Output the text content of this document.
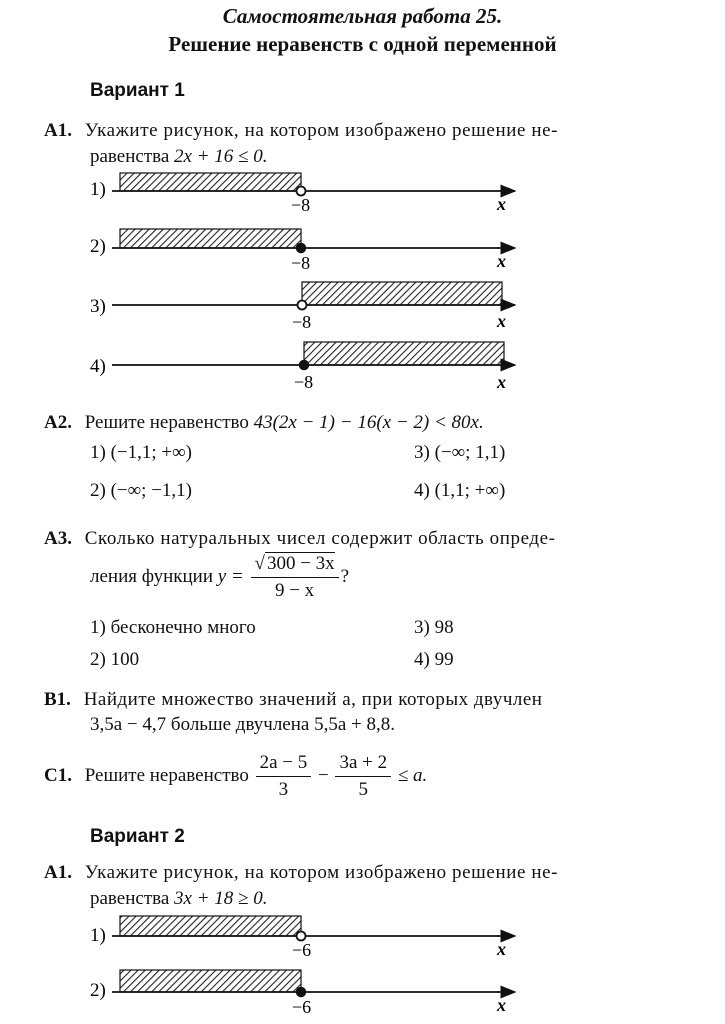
Самостоятельная работа 25.
Решение неравенств с одной переменной
Вариант 1
А1. Укажите рисунок, на котором изображено решение не-
равенства 2x + 16 ≤ 0.
1)
−8	x
2)
−8	x
3)
−8	x
4)
−8	x
А2. Решите неравенство 43(2x − 1) − 16(x − 2) < 80x.
1) (−1,1; +∞)	3) (−∞; 1,1)
2) (−∞; −1,1)	4) (1,1; +∞)
А3. Сколько натуральных чисел содержит область опреде-
ления функции $y = \frac{√ 300 - 3x}{9 - x}$ ?
1) бесконечно много	3) 98
2) 100	4) 99
В1. Найдите множество значений a, при которых двучлен
3,5a − 4,7 больше двучлена 5,5a + 8,8.
С1. Решите неравенство $\frac{2a - 5}{3} - \frac{3a + 2}{5} \le a$.
Вариант 2
А1. Укажите рисунок, на котором изображено решение не-
равенства 3x + 18 ≥ 0.
1)
−6	x
2)
−6	x
